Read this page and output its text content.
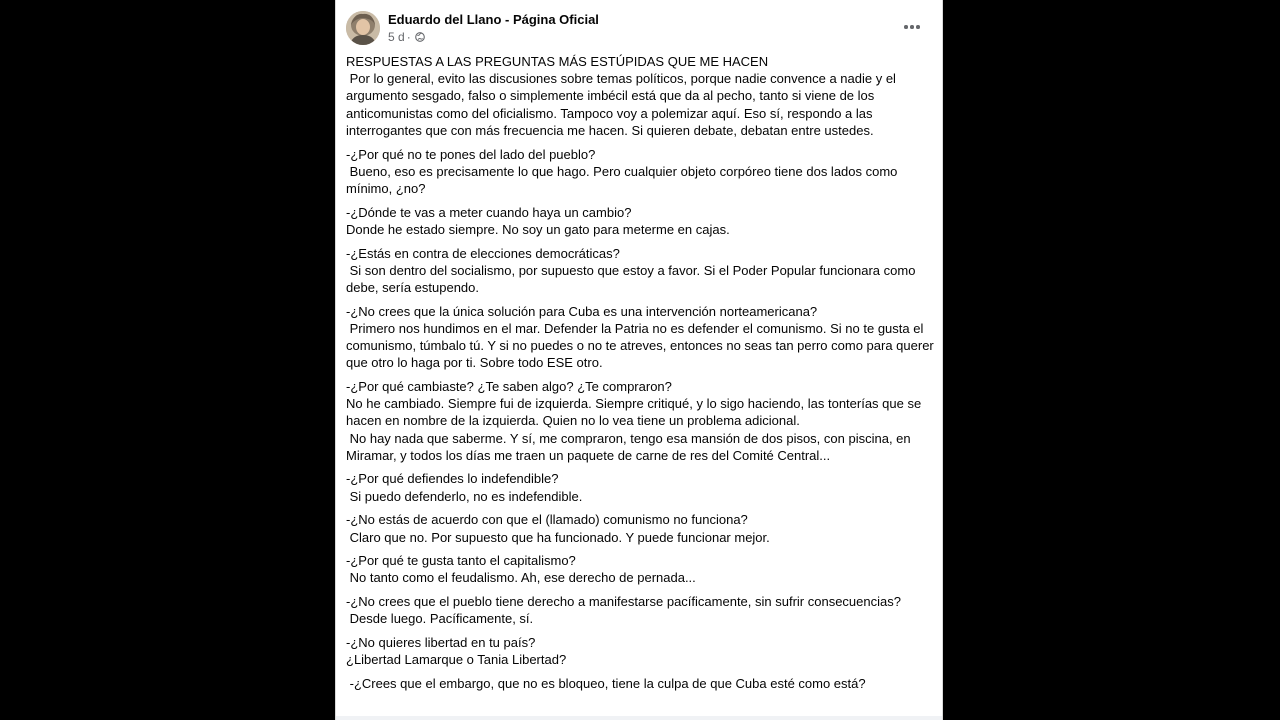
Eduardo del Llano - Página Oficial
5 d ·

RESPUESTAS A LAS PREGUNTAS MÁS ESTÚPIDAS QUE ME HACEN

Por lo general, evito las discusiones sobre temas políticos, porque nadie convence a nadie y el

argumento sesgado, falso o simplemente imbécil está que da al pecho, tanto si viene de los

anticomunistas como del oficialismo. Tampoco voy a polemizar aquí. Eso sí, respondo a las

interrogantes que con más frecuencia me hacen. Si quieren debate, debatan entre ustedes.

-¿Por qué no te pones del lado del pueblo?

Bueno, eso es precisamente lo que hago. Pero cualquier objeto corpóreo tiene dos lados como

mínimo, ¿no?

-¿Dónde te vas a meter cuando haya un cambio?

Donde he estado siempre. No soy un gato para meterme en cajas.

-¿Estás en contra de elecciones democráticas?

Si son dentro del socialismo, por supuesto que estoy a favor. Si el Poder Popular funcionara como

debe, sería estupendo.

-¿No crees que la única solución para Cuba es una intervención norteamericana?

Primero nos hundimos en el mar. Defender la Patria no es defender el comunismo. Si no te gusta el

comunismo, túmbalo tú. Y si no puedes o no te atreves, entonces no seas tan perro como para querer

que otro lo haga por ti. Sobre todo ESE otro.

-¿Por qué cambiaste? ¿Te saben algo? ¿Te compraron?

No he cambiado. Siempre fui de izquierda. Siempre critiqué, y lo sigo haciendo, las tonterías que se

hacen en nombre de la izquierda. Quien no lo vea tiene un problema adicional.

No hay nada que saberme. Y sí, me compraron, tengo esa mansión de dos pisos, con piscina, en

Miramar, y todos los días me traen un paquete de carne de res del Comité Central...

-¿Por qué defiendes lo indefendible?

Si puedo defenderlo, no es indefendible.

-¿No estás de acuerdo con que el (llamado) comunismo no funciona?

Claro que no. Por supuesto que ha funcionado. Y puede funcionar mejor.

-¿Por qué te gusta tanto el capitalismo?

No tanto como el feudalismo. Ah, ese derecho de pernada...

-¿No crees que el pueblo tiene derecho a manifestarse pacíficamente, sin sufrir consecuencias?

Desde luego. Pacíficamente, sí.

-¿No quieres libertad en tu país?

¿Libertad Lamarque o Tania Libertad?

-¿Crees que el embargo, que no es bloqueo, tiene la culpa de que Cuba esté como está?
